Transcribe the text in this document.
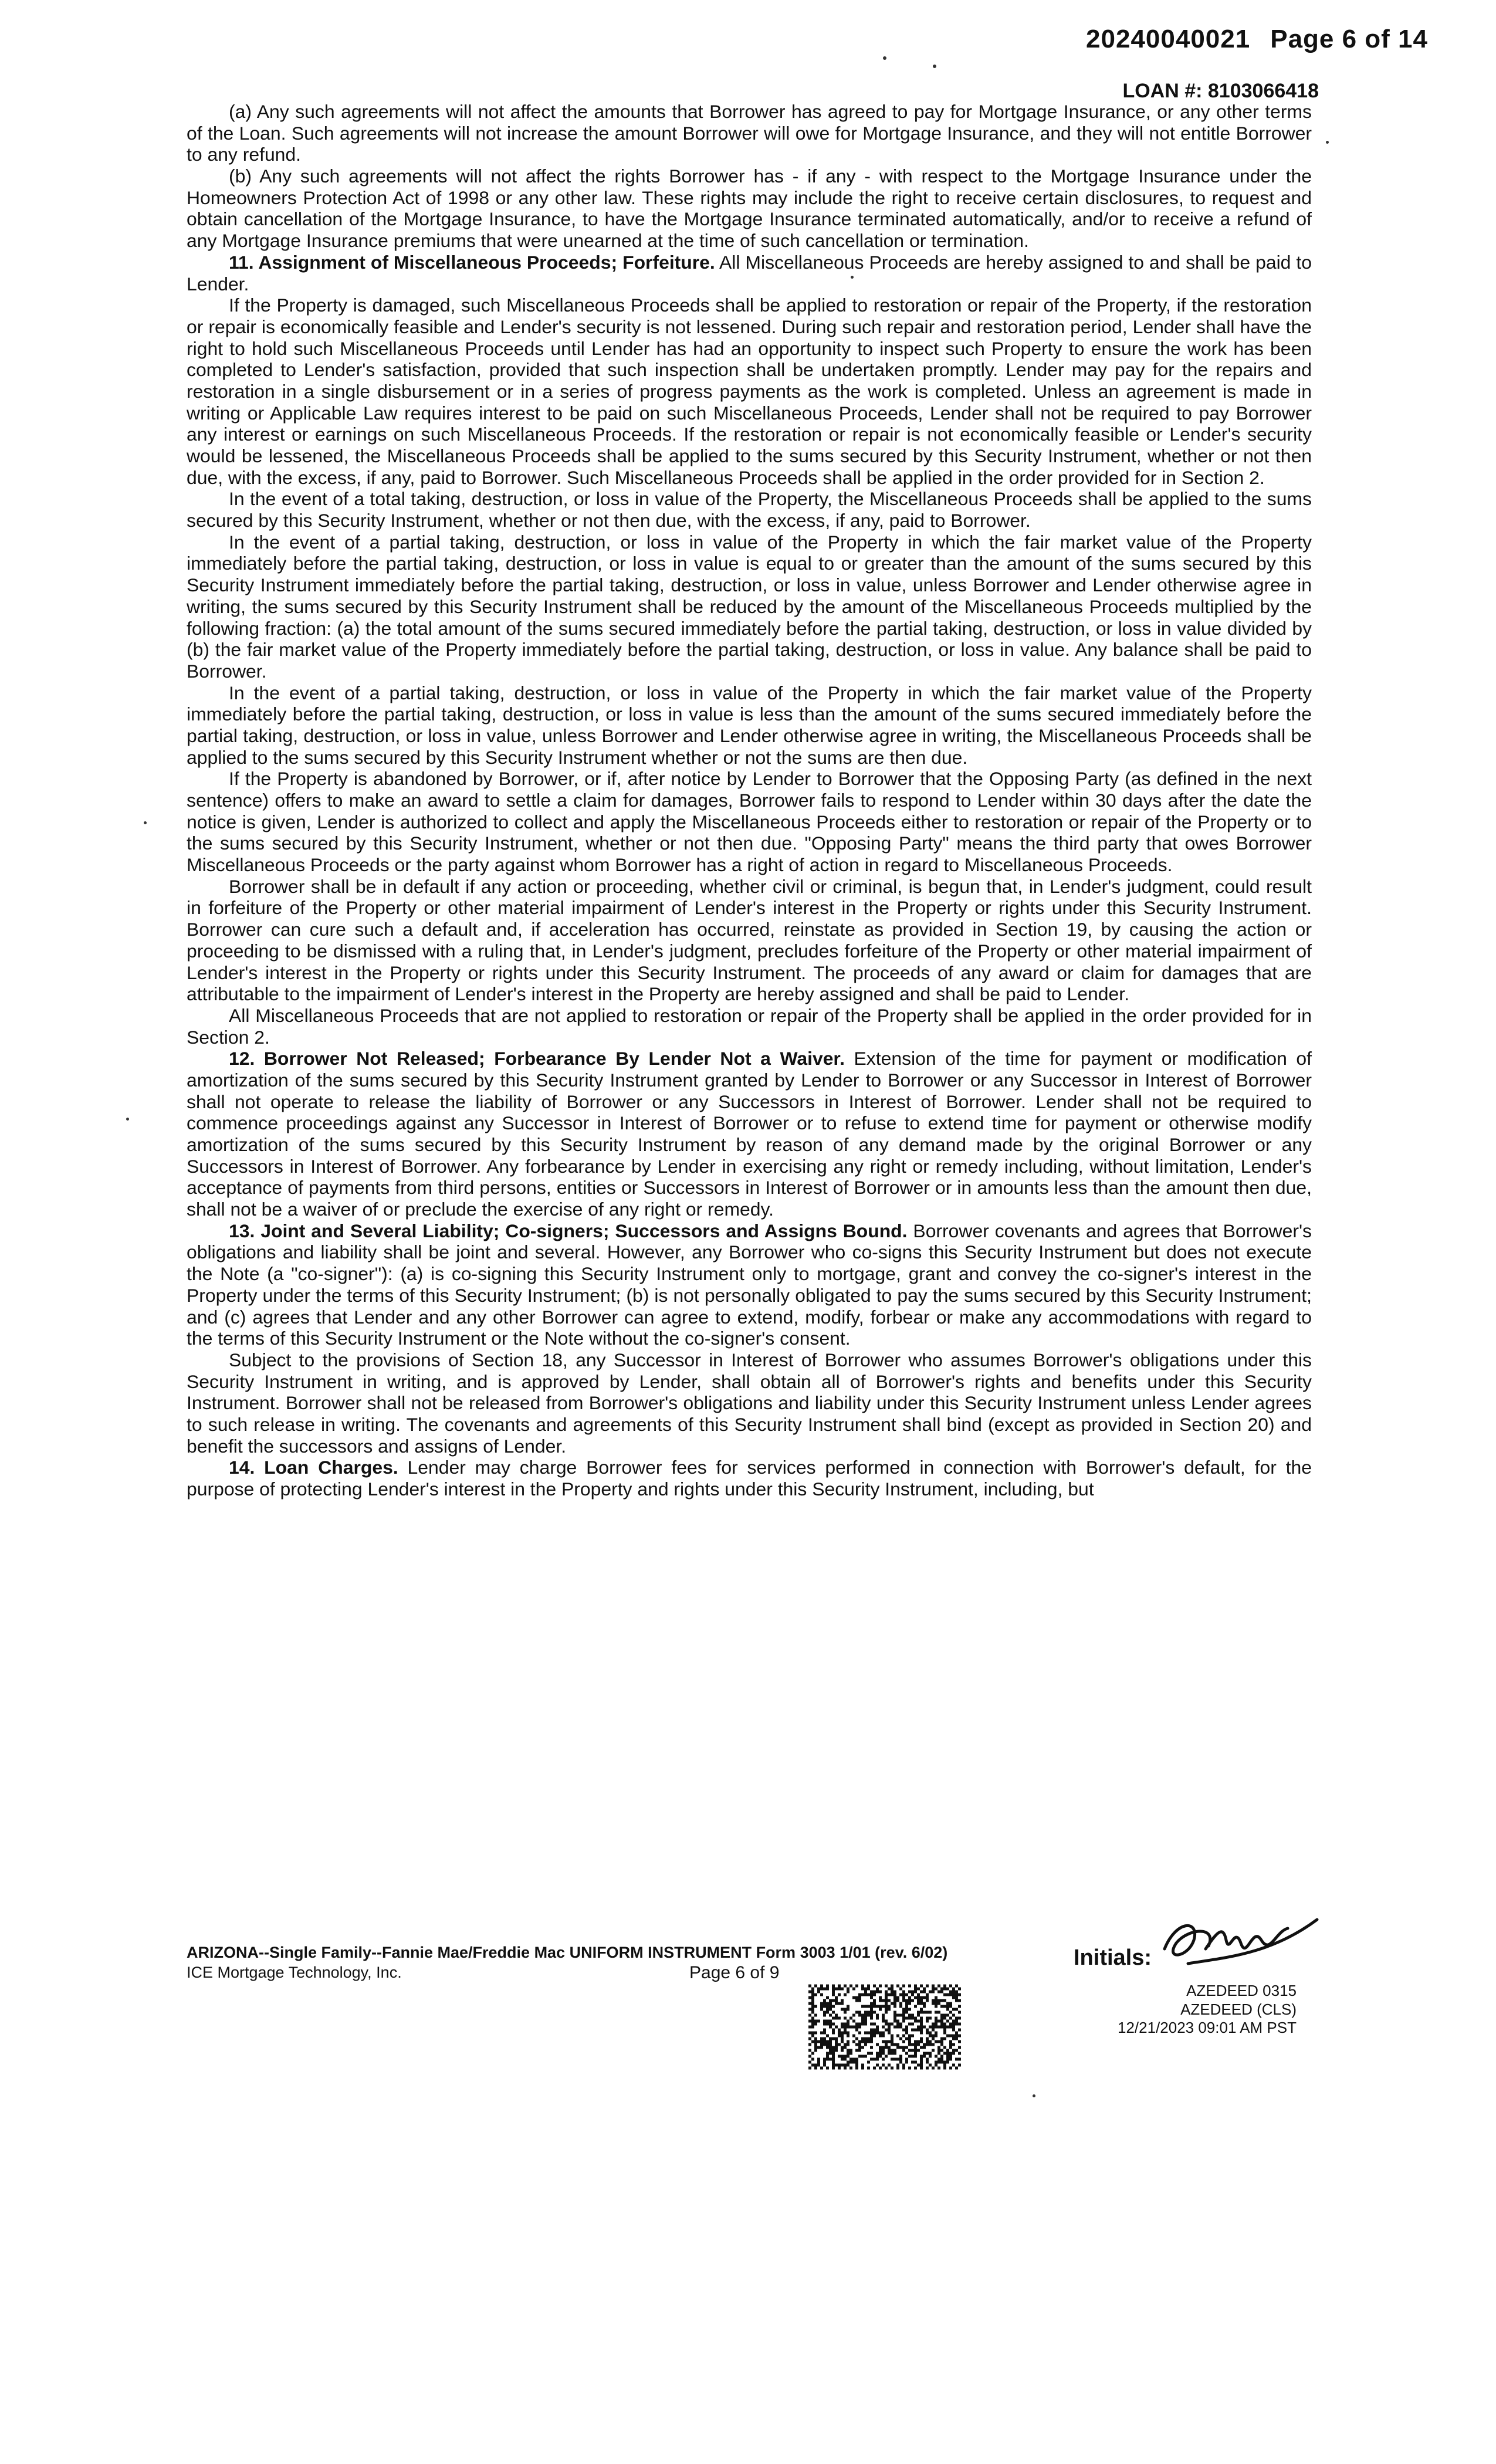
20240040021 Page 6 of 14
LOAN #: 8103066418

(a) Any such agreements will not affect the amounts that Borrower has agreed to pay for Mortgage Insurance, or any other terms of the Loan. Such agreements will not increase the amount Borrower will owe for Mortgage Insurance, and they will not entitle Borrower to any refund.

(b) Any such agreements will not affect the rights Borrower has - if any - with respect to the Mortgage Insurance under the Homeowners Protection Act of 1998 or any other law. These rights may include the right to receive certain disclosures, to request and obtain cancellation of the Mortgage Insurance, to have the Mortgage Insurance terminated automatically, and/or to receive a refund of any Mortgage Insurance premiums that were unearned at the time of such cancellation or termination.

11. Assignment of Miscellaneous Proceeds; Forfeiture. All Miscellaneous Proceeds are hereby assigned to and shall be paid to Lender.

If the Property is damaged, such Miscellaneous Proceeds shall be applied to restoration or repair of the Property, if the restoration or repair is economically feasible and Lender's security is not lessened. During such repair and restoration period, Lender shall have the right to hold such Miscellaneous Proceeds until Lender has had an opportunity to inspect such Property to ensure the work has been completed to Lender's satisfaction, provided that such inspection shall be undertaken promptly. Lender may pay for the repairs and restoration in a single disbursement or in a series of progress payments as the work is completed. Unless an agreement is made in writing or Applicable Law requires interest to be paid on such Miscellaneous Proceeds, Lender shall not be required to pay Borrower any interest or earnings on such Miscellaneous Proceeds. If the restoration or repair is not economically feasible or Lender's security would be lessened, the Miscellaneous Proceeds shall be applied to the sums secured by this Security Instrument, whether or not then due, with the excess, if any, paid to Borrower. Such Miscellaneous Proceeds shall be applied in the order provided for in Section 2.

In the event of a total taking, destruction, or loss in value of the Property, the Miscellaneous Proceeds shall be applied to the sums secured by this Security Instrument, whether or not then due, with the excess, if any, paid to Borrower.

In the event of a partial taking, destruction, or loss in value of the Property in which the fair market value of the Property immediately before the partial taking, destruction, or loss in value is equal to or greater than the amount of the sums secured by this Security Instrument immediately before the partial taking, destruction, or loss in value, unless Borrower and Lender otherwise agree in writing, the sums secured by this Security Instrument shall be reduced by the amount of the Miscellaneous Proceeds multiplied by the following fraction: (a) the total amount of the sums secured immediately before the partial taking, destruction, or loss in value divided by (b) the fair market value of the Property immediately before the partial taking, destruction, or loss in value. Any balance shall be paid to Borrower.

In the event of a partial taking, destruction, or loss in value of the Property in which the fair market value of the Property immediately before the partial taking, destruction, or loss in value is less than the amount of the sums secured immediately before the partial taking, destruction, or loss in value, unless Borrower and Lender otherwise agree in writing, the Miscellaneous Proceeds shall be applied to the sums secured by this Security Instrument whether or not the sums are then due.

If the Property is abandoned by Borrower, or if, after notice by Lender to Borrower that the Opposing Party (as defined in the next sentence) offers to make an award to settle a claim for damages, Borrower fails to respond to Lender within 30 days after the date the notice is given, Lender is authorized to collect and apply the Miscellaneous Proceeds either to restoration or repair of the Property or to the sums secured by this Security Instrument, whether or not then due. "Opposing Party" means the third party that owes Borrower Miscellaneous Proceeds or the party against whom Borrower has a right of action in regard to Miscellaneous Proceeds.

Borrower shall be in default if any action or proceeding, whether civil or criminal, is begun that, in Lender's judgment, could result in forfeiture of the Property or other material impairment of Lender's interest in the Property or rights under this Security Instrument. Borrower can cure such a default and, if acceleration has occurred, reinstate as provided in Section 19, by causing the action or proceeding to be dismissed with a ruling that, in Lender's judgment, precludes forfeiture of the Property or other material impairment of Lender's interest in the Property or rights under this Security Instrument. The proceeds of any award or claim for damages that are attributable to the impairment of Lender's interest in the Property are hereby assigned and shall be paid to Lender.

All Miscellaneous Proceeds that are not applied to restoration or repair of the Property shall be applied in the order provided for in Section 2.

12. Borrower Not Released; Forbearance By Lender Not a Waiver. Extension of the time for payment or modification of amortization of the sums secured by this Security Instrument granted by Lender to Borrower or any Successor in Interest of Borrower shall not operate to release the liability of Borrower or any Successors in Interest of Borrower. Lender shall not be required to commence proceedings against any Successor in Interest of Borrower or to refuse to extend time for payment or otherwise modify amortization of the sums secured by this Security Instrument by reason of any demand made by the original Borrower or any Successors in Interest of Borrower. Any forbearance by Lender in exercising any right or remedy including, without limitation, Lender's acceptance of payments from third persons, entities or Successors in Interest of Borrower or in amounts less than the amount then due, shall not be a waiver of or preclude the exercise of any right or remedy.

13. Joint and Several Liability; Co-signers; Successors and Assigns Bound. Borrower covenants and agrees that Borrower's obligations and liability shall be joint and several. However, any Borrower who co-signs this Security Instrument but does not execute the Note (a "co-signer"): (a) is co-signing this Security Instrument only to mortgage, grant and convey the co-signer's interest in the Property under the terms of this Security Instrument; (b) is not personally obligated to pay the sums secured by this Security Instrument; and (c) agrees that Lender and any other Borrower can agree to extend, modify, forbear or make any accommodations with regard to the terms of this Security Instrument or the Note without the co-signer's consent.

Subject to the provisions of Section 18, any Successor in Interest of Borrower who assumes Borrower's obligations under this Security Instrument in writing, and is approved by Lender, shall obtain all of Borrower's rights and benefits under this Security Instrument. Borrower shall not be released from Borrower's obligations and liability under this Security Instrument unless Lender agrees to such release in writing. The covenants and agreements of this Security Instrument shall bind (except as provided in Section 20) and benefit the successors and assigns of Lender.

14. Loan Charges. Lender may charge Borrower fees for services performed in connection with Borrower's default, for the purpose of protecting Lender's interest in the Property and rights under this Security Instrument, including, but

ARIZONA--Single Family--Fannie Mae/Freddie Mac UNIFORM INSTRUMENT Form 3003 1/01 (rev. 6/02)
ICE Mortgage Technology, Inc.	Page 6 of 9
Initials:
AZEDEED 0315
AZEDEED (CLS)
12/21/2023 09:01 AM PST
